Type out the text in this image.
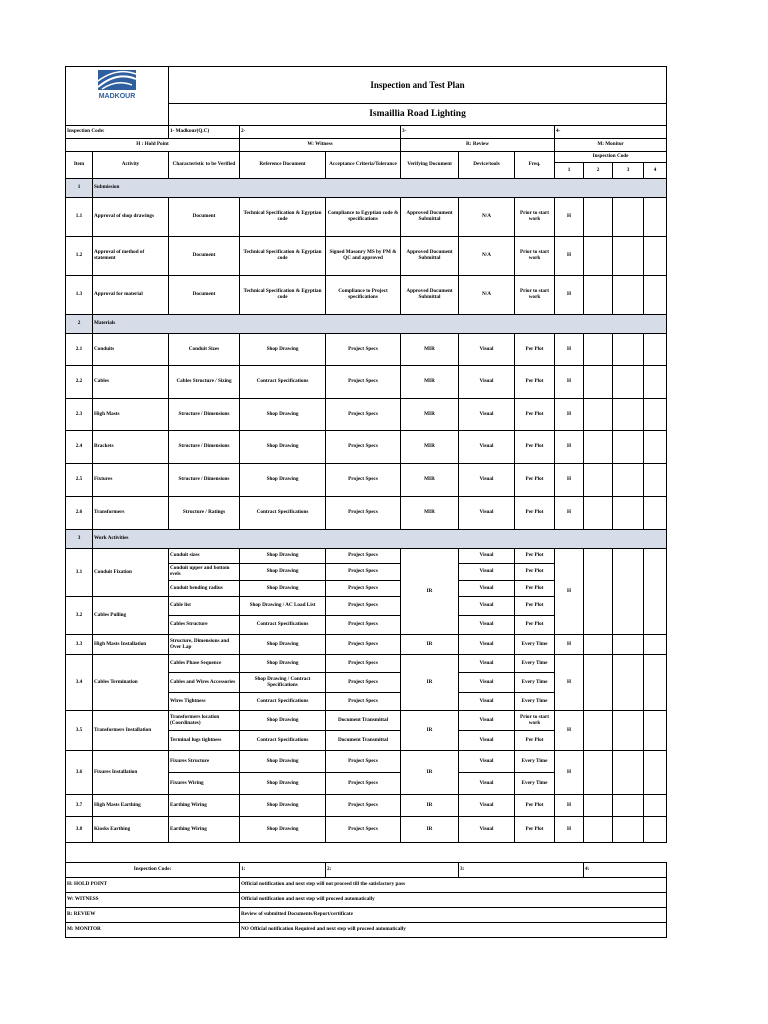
MADKOUR		Inspection and Test Plan									
		Ismaillia Road Lighting									
Inspection Code:		1- Madkour(Q.C)	2-		3-			4-			
H : Hold Point			W: Witness		R: Review			M: Monitor			
Item	Activity	Characteristic to be Verified	Reference Document	Acceptance Criteria/Tolerance	Verifying Document	Device/tools	Freq.	Inspection Code			
								1	2	3	4
1	Submission										
1.1	Approval of shop drawings	Document	Technical Specification & Egyptian code	Compliance to Egyptian code & specifications	Approved Document Submittal	N/A	Prior to start work	H			
1.2	Approval of method of statement	Document	Technical Specification & Egyptian code	Signed Masonry MS by PM & QC and approved	Approved Document Submittal	N/A	Prior to start work	H			
1.3	Approval for material	Document	Technical Specification & Egyptian code	Compliance to Project specifications	Approved Document Submittal	N/A	Prior to start work	H			
2	Materials										
2.1	Conduits	Conduit Sizes	Shop Drawing	Project Specs	MIR	Visual	Per Plot	H			
2.2	Cables	Cables Structure / Sizing	Contract Specifications	Project Specs	MIR	Visual	Per Plot	H			
2.3	High Masts	Structure / Dimensions	Shop Drawing	Project Specs	MIR	Visual	Per Plot	H			
2.4	Brackets	Structure / Dimensions	Shop Drawing	Project Specs	MIR	Visual	Per Plot	H			
2.5	Fixtures	Structure / Dimensions	Shop Drawing	Project Specs	MIR	Visual	Per Plot	H			
2.6	Transformers	Structure / Ratings	Contract Specifications	Project Specs	MIR	Visual	Per Plot	H			
3	Work Activities										
3.1	Conduit Fixation	Conduit sizes	Shop Drawing	Project Specs	IR	Visual	Per Plot	H			
		Conduit upper and bottom evels	Shop Drawing	Project Specs		Visual	Per Plot				
		Conduit bending radius	Shop Drawing	Project Specs		Visual	Per Plot				
3.2	Cables Pulling	Cable list	Shop Drawing / AC Load List	Project Specs		Visual	Per Plot				
		Cables Structure	Contract Specifications	Project Specs		Visual	Per Plot				
3.3	High Masts Installation	Structure, Dimensions and Over Lap	Shop Drawing	Project Specs	IR	Visual	Every Time	H			
3.4	Cables Termination	Cables Phase Sequence	Shop Drawing	Project Specs	IR	Visual	Every Time	H			
		Cables and Wires Accessories	Shop Drawing / Contract Specifications	Project Specs		Visual	Every Time				
		Wires Tightness	Contract Specifications	Project Specs		Visual	Every Time				
3.5	Transformers Installation	Transformers location (Coordinates)	Shop Drawing	Document Transmittal	IR	Visual	Prior to start work	H			
		Terminal lugs tightness	Contract Specifications	Document Transmittal		Visual	Per Plot				
3.6	Fixures Installation	Fixures Structure	Shop Drawing	Project Specs	IR	Visual	Every Time	H			
		Fixures Wiring	Shop Drawing	Project Specs		Visual	Every Time				
3.7	High Masts Earthing	Earthing Wiring	Shop Drawing	Project Specs	IR	Visual	Per Plot	H			
3.8	Kiosks Earthing	Earthing Wiring	Shop Drawing	Project Specs	IR	Visual	Per Plot	H			

Inspection Code:			1:	2:		3:			4:		
H: HOLD POINT			Official notification and next step will not proceed till the satisfactory pass								
W: WITNESS			Official notification and next step will proceed automatically								
R: REVIEW			Review of submitted Documents/Report/certificate								
M: MONITOR			NO Official notification Required and next step will proceed automatically								
